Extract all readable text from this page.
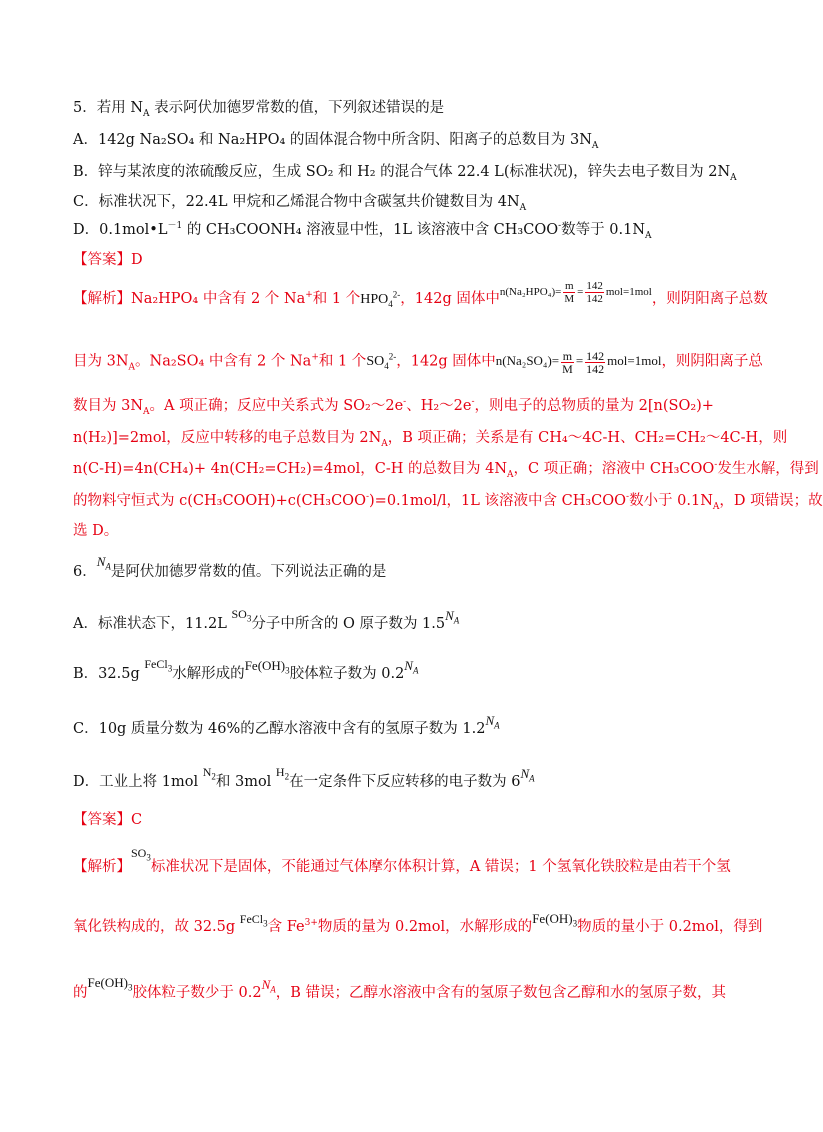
5．若用 $N_A$ 表示阿伏加德罗常数的值，下列叙述错误的是
A．142g Na₂SO₄ 和 Na₂HPO₄ 的固体混合物中所含阴、阳离子的总数目为 $3N_A$
B．锌与某浓度的浓硫酸反应，生成 SO₂ 和 H₂ 的混合气体 22.4 L(标准状况)，锌失去电子数目为 $2N_A$
C．标准状况下，22.4L 甲烷和乙烯混合物中含碳氢共价键数目为 $4N_A$
D．$0.1mol•L^{-1}$ 的 CH₃COONH₄ 溶液显中性，1L 该溶液中含 CH₃COO-数等于 $0.1N_A$
【答案】D
【解析】Na₂HPO₄ 中含有 2 个 Na+和 1 个$HPO_4^{2-}$，142g 固体中$^{n(Na_2HPO_4)= \frac{m}{M} = \frac{142}{142} mol=1mol}$，则阴阳离子总数
目为 $3N_A$。Na₂SO₄ 中含有 2 个 Na+和 1 个$SO_4^{2-}$，142g 固体中$n(Na_2SO_4)= \frac{m}{M} = \frac{142}{142} mol=1mol$，则阴阳离子总
数目为 $3N_A$。A 项正确；反应中关系式为 SO₂～2e-、H₂～2e-，则电子的总物质的量为 2[n(SO₂)+
n(H₂)]=2mol，反应中转移的电子总数目为 $2N_A$，B 项正确；关系是有 CH₄～4C-H、CH₂=CH₂～4C-H，则
n(C-H)=4n(CH₄)+ 4n(CH₂=CH₂)=4mol，C-H 的总数目为 $4N_A$，C 项正确；溶液中 CH₃COO-发生水解，得到
的物料守恒式为 c(CH₃COOH)+c(CH₃COO-)=0.1mol/l，1L 该溶液中含 CH₃COO-数小于 $0.1N_A$，D 项错误；故
选 D。
6．$N_A$是阿伏加德罗常数的值。下列说法正确的是
A．标准状态下，11.2L $^{SO_3}$分子中所含的 O 原子数为 $1.5N_A$
B．32.5g $^{FeCl_3}$水解形成的$Fe(OH)_3$胶体粒子数为 $0.2N_A$
C．10g 质量分数为 46%的乙醇水溶液中含有的氢原子数为 $1.2N_A$
D．工业上将 1mol $^{N_2}$和 3mol $^{H_2}$在一定条件下反应转移的电子数为 $6N_A$
【答案】C
【解析】$^{SO_3}$标准状况下是固体，不能通过气体摩尔体积计算，A 错误；1 个氢氧化铁胶粒是由若干个氢
氧化铁构成的，故 32.5g $^{FeCl_3}$含 $Fe^{3+}$物质的量为 0.2mol，水解形成的$Fe(OH)_3$物质的量小于 0.2mol，得到
的$Fe(OH)_3$胶体粒子数少于 $0.2N_A$，B 错误；乙醇水溶液中含有的氢原子数包含乙醇和水的氢原子数，其
